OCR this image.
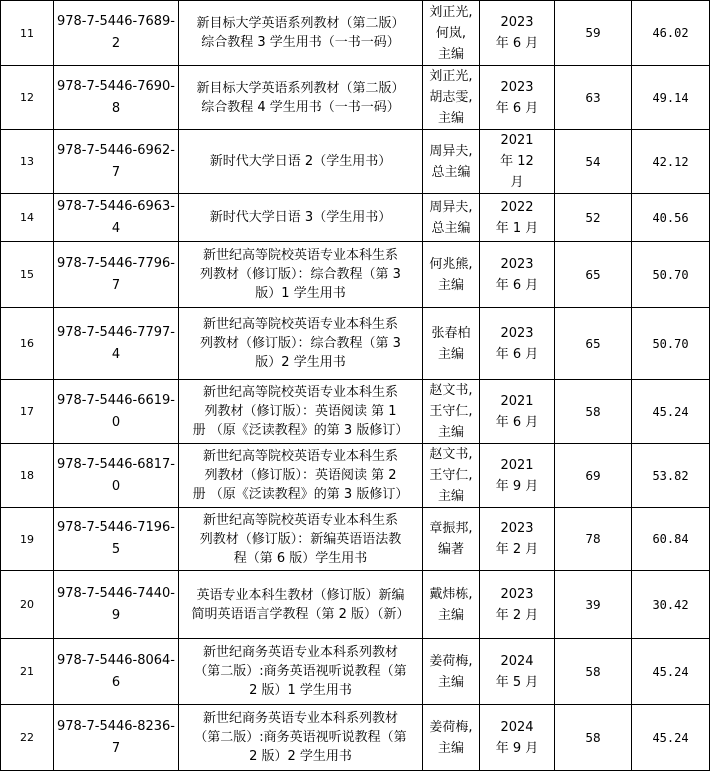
11	978-7-5446-7689-
2	新目标大学英语系列教材（第二版）
综合教程 3 学生用书（一书一码）	刘正光,
何岚,
主编	2023
年 6 月	59	46.02
12	978-7-5446-7690-
8	新目标大学英语系列教材（第二版）
综合教程 4 学生用书（一书一码）	刘正光,
胡志雯,
主编	2023
年 6 月	63	49.14
13	978-7-5446-6962-
7	新时代大学日语 2（学生用书）	周异夫,
总主编	2021
年 12
月	54	42.12
14	978-7-5446-6963-
4	新时代大学日语 3（学生用书）	周异夫,
总主编	2022
年 1 月	52	40.56
15	978-7-5446-7796-
7	新世纪高等院校英语专业本科生系
列教材（修订版）：综合教程（第 3
版）1 学生用书	何兆熊,
主编	2023
年 6 月	65	50.70
16	978-7-5446-7797-
4	新世纪高等院校英语专业本科生系
列教材（修订版）：综合教程（第 3
版）2 学生用书	张春柏
主编	2023
年 6 月	65	50.70
17	978-7-5446-6619-
0	新世纪高等院校英语专业本科生系
列教材（修订版）：英语阅读 第 1
册 （原《泛读教程》的第 3 版修订）	赵文书,
王守仁,
主编	2021
年 6 月	58	45.24
18	978-7-5446-6817-
0	新世纪高等院校英语专业本科生系
列教材（修订版）：英语阅读 第 2
册 （原《泛读教程》的第 3 版修订）	赵文书,
王守仁,
主编	2021
年 9 月	69	53.82
19	978-7-5446-7196-
5	新世纪高等院校英语专业本科生系
列教材（修订版）：新编英语语法教
程（第 6 版）学生用书	章振邦,
编著	2023
年 2 月	78	60.84
20	978-7-5446-7440-
9	英语专业本科生教材（修订版）新编
简明英语语言学教程（第 2 版）（新）	戴炜栋,
主编	2023
年 2 月	39	30.42
21	978-7-5446-8064-
6	新世纪商务英语专业本科系列教材
（第二版）:商务英语视听说教程（第
2 版）1 学生用书	姜荷梅,
主编	2024
年 5 月	58	45.24
22	978-7-5446-8236-
7	新世纪商务英语专业本科系列教材
（第二版）:商务英语视听说教程（第
2 版）2 学生用书	姜荷梅,
主编	2024
年 9 月	58	45.24
